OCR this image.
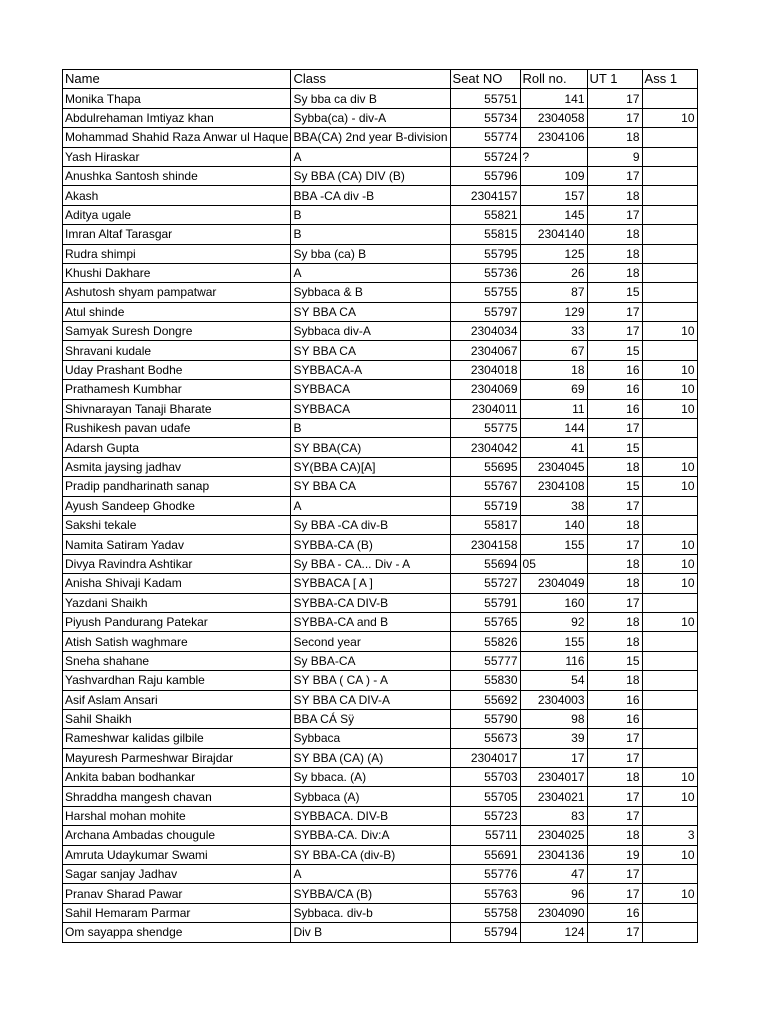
Name	Class	Seat NO	Roll no.	UT 1	Ass 1
Monika Thapa	Sy bba ca div B	55751	141	17	
Abdulrehaman Imtiyaz khan	Sybba(ca) - div-A	55734	2304058	17	10
Mohammad Shahid Raza Anwar ul Haque	BBA(CA) 2nd year B-division	55774	2304106	18	
Yash Hiraskar	A	55724	?	9	
Anushka Santosh shinde	Sy BBA (CA) DIV (B)	55796	109	17	
Akash	BBA -CA div -B	2304157	157	18	
Aditya ugale	B	55821	145	17	
Imran Altaf Tarasgar	B	55815	2304140	18	
Rudra shimpi	Sy bba (ca) B	55795	125	18	
Khushi Dakhare	A	55736	26	18	
Ashutosh shyam pampatwar	Sybbaca & B	55755	87	15	
Atul shinde	SY BBA CA	55797	129	17	
Samyak Suresh Dongre	Sybbaca div-A	2304034	33	17	10
Shravani kudale	SY BBA CA	2304067	67	15	
Uday Prashant Bodhe	SYBBACA-A	2304018	18	16	10
Prathamesh Kumbhar	SYBBACA	2304069	69	16	10
Shivnarayan Tanaji Bharate	SYBBACA	2304011	11	16	10
Rushikesh pavan udafe	B	55775	144	17	
Adarsh Gupta	SY BBA(CA)	2304042	41	15	
Asmita jaysing jadhav	SY(BBA CA)[A]	55695	2304045	18	10
Pradip pandharinath sanap	SY BBA CA	55767	2304108	15	10
Ayush Sandeep Ghodke	A	55719	38	17	
Sakshi tekale	Sy BBA -CA div-B	55817	140	18	
Namita Satiram Yadav	SYBBA-CA (B)	2304158	155	17	10
Divya Ravindra Ashtikar	Sy BBA - CA... Div - A	55694	05	18	10
Anisha Shivaji Kadam	SYBBACA [ A ]	55727	2304049	18	10
Yazdani Shaikh	SYBBA-CA DIV-B	55791	160	17	
Piyush Pandurang Patekar	SYBBA-CA and B	55765	92	18	10
Atish Satish waghmare	Second year	55826	155	18	
Sneha shahane	Sy BBA-CA	55777	116	15	
Yashvardhan Raju kamble	SY BBA ( CA ) - A	55830	54	18	
Asif Aslam Ansari	SY BBA CA DIV-A	55692	2304003	16	
Sahil Shaikh	BBA CÁ Sÿ	55790	98	16	
Rameshwar kalidas gilbile	Sybbaca	55673	39	17	
Mayuresh Parmeshwar Birajdar	SY BBA (CA) (A)	2304017	17	17	
Ankita baban bodhankar	Sy bbaca. (A)	55703	2304017	18	10
Shraddha mangesh chavan	Sybbaca (A)	55705	2304021	17	10
Harshal mohan mohite	SYBBACA. DIV-B	55723	83	17	
Archana Ambadas chougule	SYBBA-CA. Div:A	55711	2304025	18	3
Amruta Udaykumar Swami	SY BBA-CA (div-B)	55691	2304136	19	10
Sagar sanjay Jadhav	A	55776	47	17	
Pranav Sharad Pawar	SYBBA/CA (B)	55763	96	17	10
Sahil Hemaram Parmar	Sybbaca. div-b	55758	2304090	16	
Om sayappa shendge	Div B	55794	124	17	
